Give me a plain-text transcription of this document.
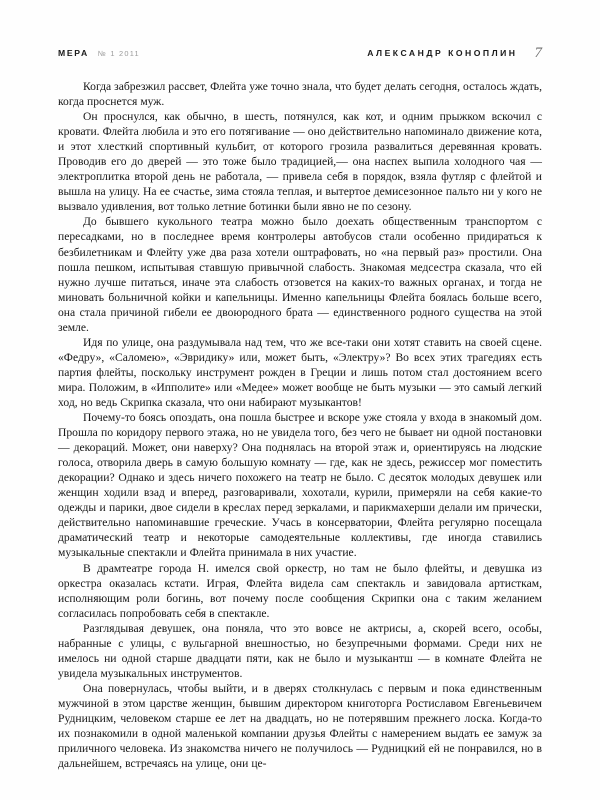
МЕРА № 1 2011	АЛЕКСАНДР КОНОПЛИН 7

Когда забрезжил рассвет, Флейта уже точно знала, что будет делать сегодня, осталось ждать, когда проснется муж.

Он проснулся, как обычно, в шесть, потянулся, как кот, и одним прыжком вскочил с кровати. Флейта любила и это его потягивание — оно действительно напоминало движение кота, и этот хлесткий спортивный кульбит, от которого грозила развалиться деревянная кровать. Проводив его до дверей — это тоже было традицией,— она наспех выпила холодного чая — электроплитка второй день не работала, — привела себя в порядок, взяла футляр с флейтой и вышла на улицу. На ее счастье, зима стояла теплая, и вытертое демисезонное пальто ни у кого не вызвало удивления, вот только летние ботинки были явно не по сезону.

До бывшего кукольного театра можно было доехать общественным транспортом с пересадками, но в последнее время контролеры автобусов стали особенно придираться к безбилетникам и Флейту уже два раза хотели оштрафовать, но «на первый раз» простили. Она пошла пешком, испытывая ставшую привычной слабость. Знакомая медсестра сказала, что ей нужно лучше питаться, иначе эта слабость отзовется на каких-то важных органах, и тогда не миновать больничной койки и капельницы. Именно капельницы Флейта боялась больше всего, она стала причиной гибели ее двоюродного брата — единственного родного существа на этой земле.

Идя по улице, она раздумывала над тем, что же все-таки они хотят ставить на своей сцене. «Федру», «Саломею», «Эвридику» или, может быть, «Электру»? Во всех этих трагедиях есть партия флейты, поскольку инструмент рожден в Греции и лишь потом стал достоянием всего мира. Положим, в «Ипполите» или «Медее» может вообще не быть музыки — это самый легкий ход, но ведь Скрипка сказала, что они набирают музыкантов!

Почему-то боясь опоздать, она пошла быстрее и вскоре уже стояла у входа в знакомый дом. Прошла по коридору первого этажа, но не увидела того, без чего не бывает ни одной постановки — декораций. Может, они наверху? Она поднялась на второй этаж и, ориентируясь на людские голоса, отворила дверь в самую большую комнату — где, как не здесь, режиссер мог поместить декорации? Однако и здесь ничего похожего на театр не было. С десяток молодых девушек или женщин ходили взад и вперед, разговаривали, хохотали, курили, примеряли на себя какие-то одежды и парики, двое сидели в креслах перед зеркалами, и парикмахерши делали им прически, действительно напоминавшие греческие. Учась в консерватории, Флейта регулярно посещала драматический театр и некоторые самодеятельные коллективы, где иногда ставились музыкальные спектакли и Флейта принимала в них участие.

В драмтеатре города Н. имелся свой оркестр, но там не было флейты, и девушка из оркестра оказалась кстати. Играя, Флейта видела сам спектакль и завидовала артисткам, исполняющим роли богинь, вот почему после сообщения Скрипки она с таким желанием согласилась попробовать себя в спектакле.

Разглядывая девушек, она поняла, что это вовсе не актрисы, а, скорей всего, особы, набранные с улицы, с вульгарной внешностью, но безупречными формами. Среди них не имелось ни одной старше двадцати пяти, как не было и музыкантш — в комнате Флейта не увидела музыкальных инструментов.

Она повернулась, чтобы выйти, и в дверях столкнулась с первым и пока единственным мужчиной в этом царстве женщин, бывшим директором книготорга Ростиславом Евгеньевичем Рудницким, человеком старше ее лет на двадцать, но не потерявшим прежнего лоска. Когда-то их познакомили в одной маленькой компании друзья Флейты с намерением выдать ее замуж за приличного человека. Из знакомства ничего не получилось — Рудницкий ей не понравился, но в дальнейшем, встречаясь на улице, они це-
